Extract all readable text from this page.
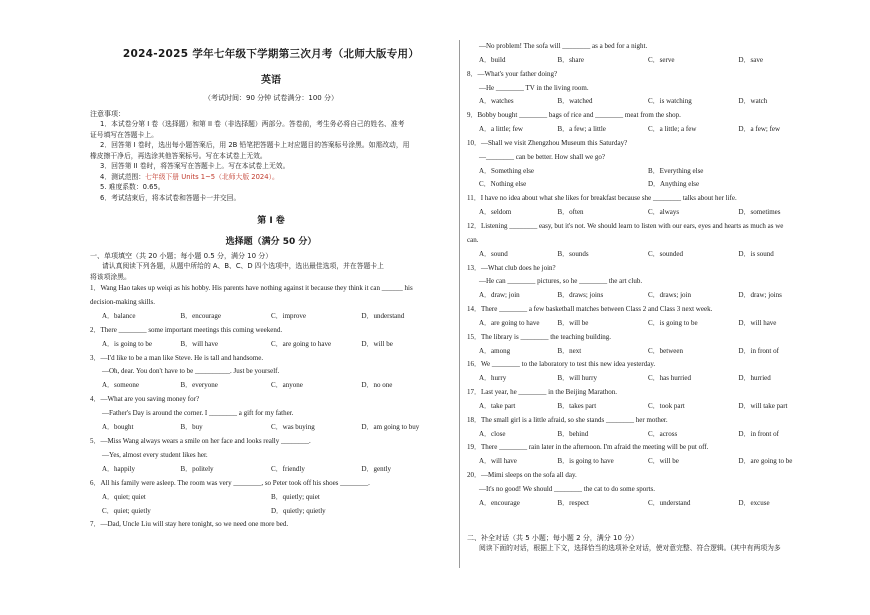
2024-2025 学年七年级下学期第三次月考（北师大版专用）
英语
（考试时间：90 分钟 试卷满分：100 分）
注意事项：
1．本试卷分第 I 卷（选择题）和第 II 卷（非选择题）两部分。答卷前，考生务必将自己的姓名、准考
证号填写在答题卡上。
2．回答第 I 卷时，选出每小题答案后，用 2B 铅笔把答题卡上对应题目的答案标号涂黑。如需改动，用
橡皮擦干净后，再选涂其他答案标号。写在本试卷上无效。
3．回答第 II 卷时，将答案写在答题卡上。写在本试卷上无效。
4．测试范围：七年级下册 Units 1~5（北师大版 2024）。
5. 难度系数：0.65。
6．考试结束后，将本试卷和答题卡一并交回。
第 I 卷
选择题（满分 50 分）
一、单项填空（共 20 小题；每小题 0.5 分，满分 10 分）
请认真阅读下列各题，从题中所给的 A、B、C、D 四个选项中，选出最佳选项，并在答题卡上
将该项涂黑。
1．Wang Hao takes up weiqi as his hobby. His parents have nothing against it because they think it can ______ his
decision-making skills.
A．balance	B．encourage	C．improve	D．understand
2．There ________ some important meetings this coming weekend.
A．is going to be	B．will have	C．are going to have	D．will be
3．—I'd like to be a man like Steve. He is tall and handsome.
—Oh, dear. You don't have to be __________. Just be yourself.
A．someone	B．everyone	C．anyone	D．no one
4．—What are you saving money for?
—Father's Day is around the corner. I ________ a gift for my father.
A．bought	B．buy	C．was buying	D．am going to buy
5．—Miss Wang always wears a smile on her face and looks really ________.
—Yes, almost every student likes her.
A．happily	B．politely	C．friendly	D．gently
6．All his family were asleep. The room was very ________, so Peter took off his shoes ________.
A．quiet; quiet	B．quietly; quiet
C．quiet; quietly	D．quietly; quietly
7．—Dad, Uncle Liu will stay here tonight, so we need one more bed.
—No problem! The sofa will ________ as a bed for a night.
A．build	B．share	C．serve	D．save
8．—What's your father doing?
—He ________ TV in the living room.
A．watches	B．watched	C．is watching	D．watch
9．Bobby bought ________ bags of rice and ________ meat from the shop.
A．a little; few	B．a few; a little	C．a little; a few	D．a few; few
10．—Shall we visit Zhengzhou Museum this Saturday?
—________ can be better. How shall we go?
A．Something else	B．Everything else
C．Nothing else	D．Anything else
11．I have no idea about what she likes for breakfast because she ________ talks about her life.
A．seldom	B．often	C．always	D．sometimes
12．Listening ________ easy, but it's not. We should learn to listen with our ears, eyes and hearts as much as we
can.
A．sound	B．sounds	C．sounded	D．is sound
13．—What club does he join?
—He can ________ pictures, so he ________ the art club.
A．draw; join	B．draws; joins	C．draws; join	D．draw; joins
14．There ________ a few basketball matches between Class 2 and Class 3 next week.
A．are going to have	B．will be	C．is going to be	D．will have
15．The library is ________ the teaching building.
A．among	B．next	C．between	D．in front of
16．We ________ to the laboratory to test this new idea yesterday.
A．hurry	B．will hurry	C．has hurried	D．hurried
17．Last year, he ________ in the Beijing Marathon.
A．take part	B．takes part	C．took part	D．will take part
18．The small girl is a little afraid, so she stands ________ her mother.
A．close	B．behind	C．across	D．in front of
19．There ________ rain later in the afternoon. I'm afraid the meeting will be put off.
A．will have	B．is going to have	C．will be	D．are going to be
20．—Mimi sleeps on the sofa all day.
—It's no good! We should ________ the cat to do some sports.
A．encourage	B．respect	C．understand	D．excuse
二、补全对话（共 5 小题；每小题 2 分，满分 10 分）
阅读下面的对话，根据上下文，选择恰当的选项补全对话，使对意完整、符合逻辑。(其中有两项为多
